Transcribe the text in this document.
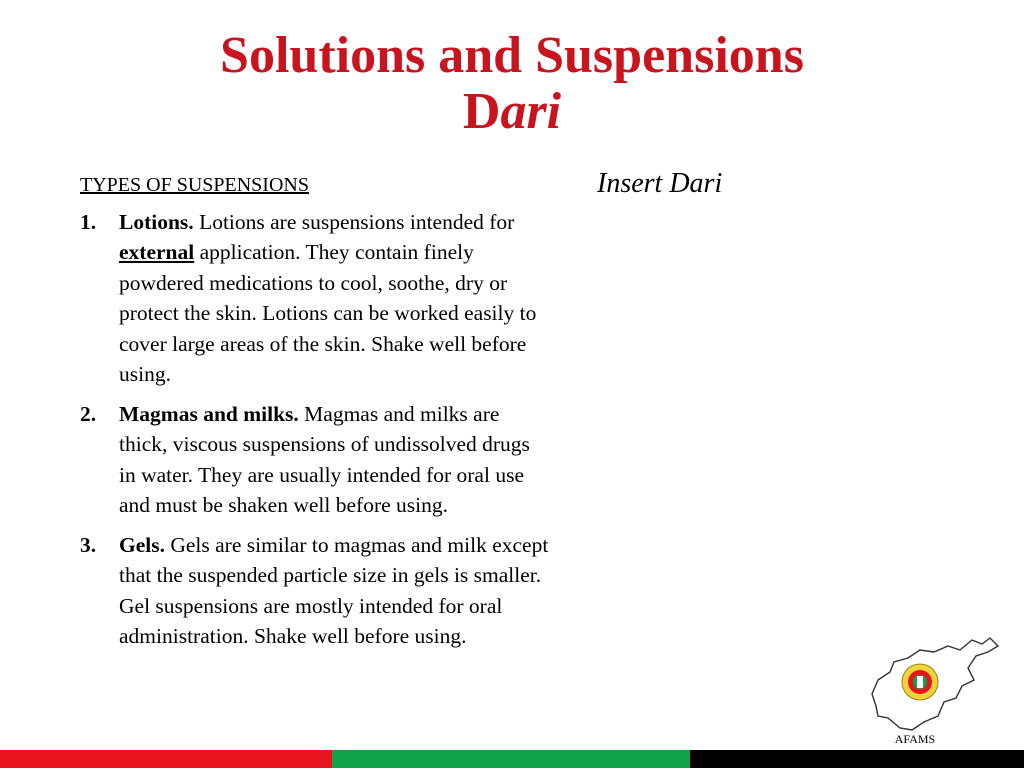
Solutions and Suspensions
Dari
TYPES OF SUSPENSIONS
1. Lotions. Lotions are suspensions intended for external application. They contain finely powdered medications to cool, soothe, dry or protect the skin. Lotions can be worked easily to cover large areas of the skin. Shake well before using.
2. Magmas and milks. Magmas and milks are thick, viscous suspensions of undissolved drugs in water. They are usually intended for oral use and must be shaken well before using.
3. Gels. Gels are similar to magmas and milk except that the suspended particle size in gels is smaller. Gel suspensions are mostly intended for oral administration. Shake well before using.
Insert Dari
AFAMS
